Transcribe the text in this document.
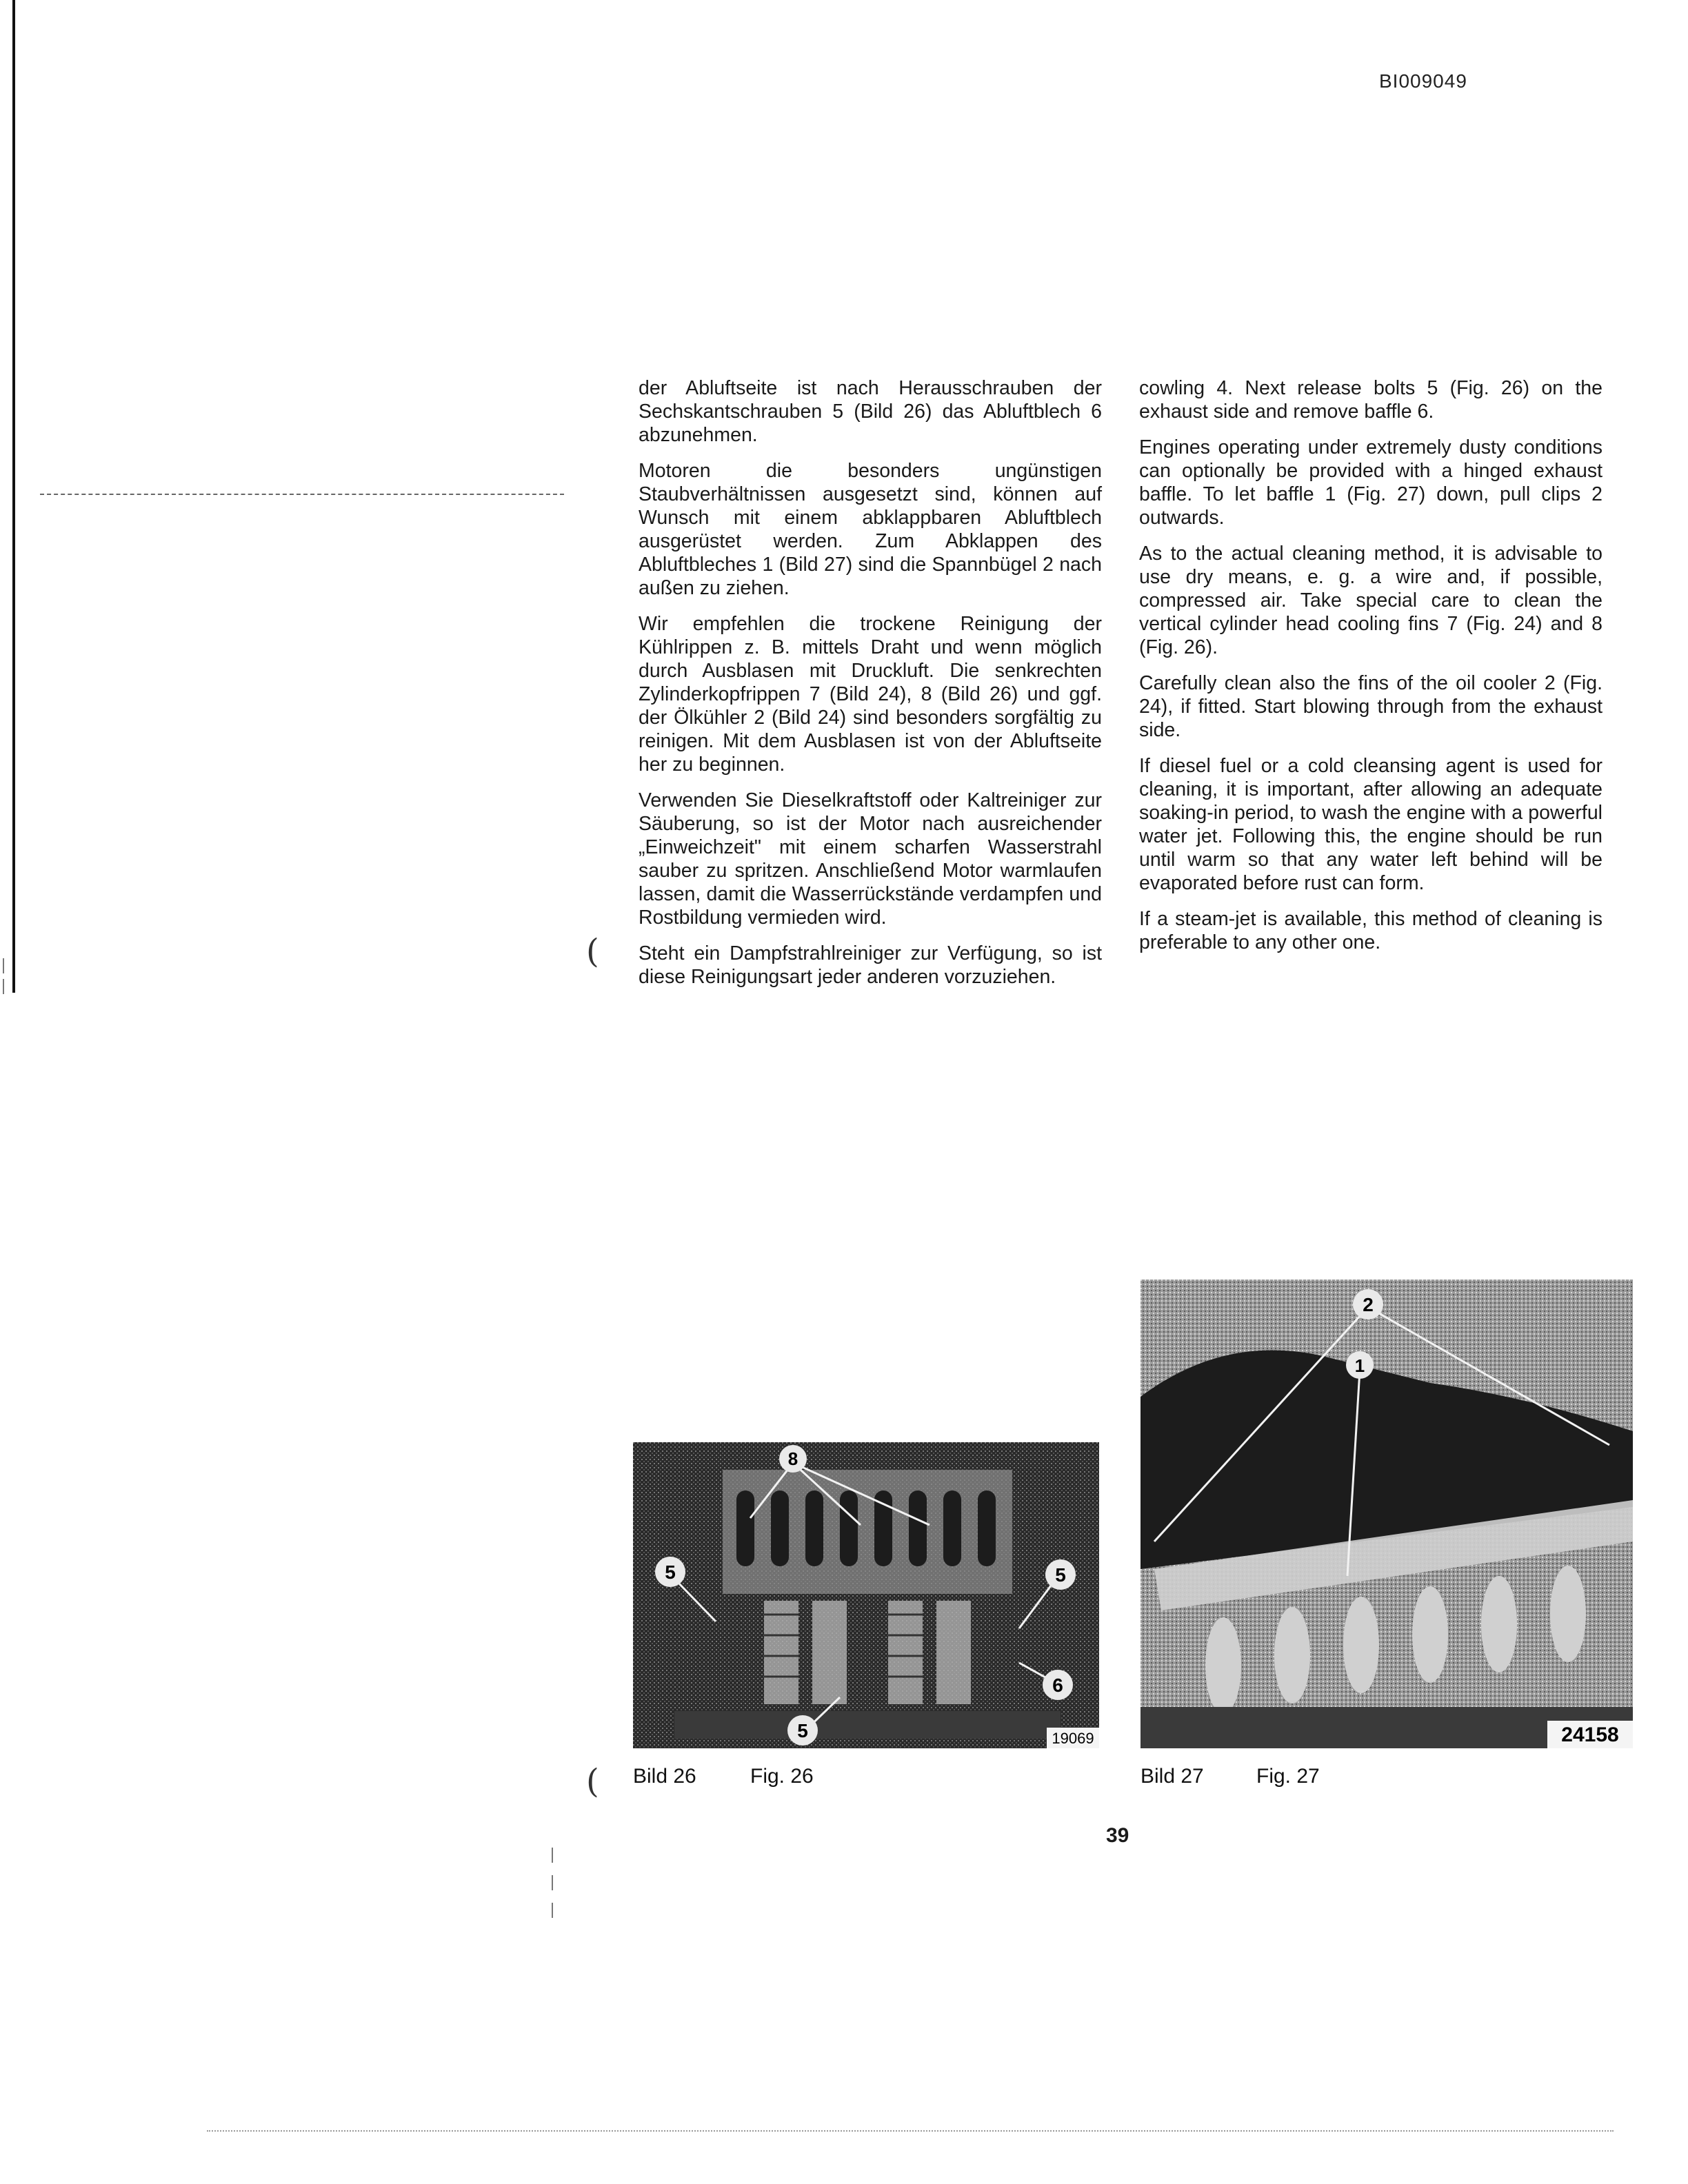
BI009049
(
(

der Abluftseite ist nach Herausschrauben der Sechskantschrauben 5 (Bild 26) das Abluftblech 6 abzunehmen.

Motoren die besonders ungünstigen Staubverhältnissen ausgesetzt sind, können auf Wunsch mit einem abklappbaren Abluftblech ausgerüstet werden. Zum Abklappen des Abluftbleches 1 (Bild 27) sind die Spannbügel 2 nach außen zu ziehen.

Wir empfehlen die trockene Reinigung der Kühlrippen z. B. mittels Draht und wenn möglich durch Ausblasen mit Druckluft. Die senkrechten Zylinderkopfrippen 7 (Bild 24), 8 (Bild 26) und ggf. der Ölkühler 2 (Bild 24) sind besonders sorgfältig zu reinigen. Mit dem Ausblasen ist von der Abluftseite her zu beginnen.

Verwenden Sie Dieselkraftstoff oder Kaltreiniger zur Säuberung, so ist der Motor nach ausreichender „Einweichzeit" mit einem scharfen Wasserstrahl sauber zu spritzen. Anschließend Motor warmlaufen lassen, damit die Wasserrückstände verdampfen und Rostbildung vermieden wird.

Steht ein Dampfstrahlreiniger zur Verfügung, so ist diese Reinigungsart jeder anderen vorzuziehen.

cowling 4. Next release bolts 5 (Fig. 26) on the exhaust side and remove baffle 6.

Engines operating under extremely dusty conditions can optionally be provided with a hinged exhaust baffle. To let baffle 1 (Fig. 27) down, pull clips 2 outwards.

As to the actual cleaning method, it is advisable to use dry means, e. g. a wire and, if possible, compressed air. Take special care to clean the vertical cylinder head cooling fins 7 (Fig. 24) and 8 (Fig. 26).

Carefully clean also the fins of the oil cooler 2 (Fig. 24), if fitted. Start blowing through from the exhaust side.

If diesel fuel or a cold cleansing agent is used for cleaning, it is important, after allowing an adequate soaking-in period, to wash the engine with a powerful water jet. Following this, the engine should be run until warm so that any water left behind will be evaporated before rust can form.

If a steam-jet is available, this method of cleaning is preferable to any other one.

8
5	5
5
6
19069
2
1
24158
Bild 26	Fig. 26	Bild 27	Fig. 27
39
